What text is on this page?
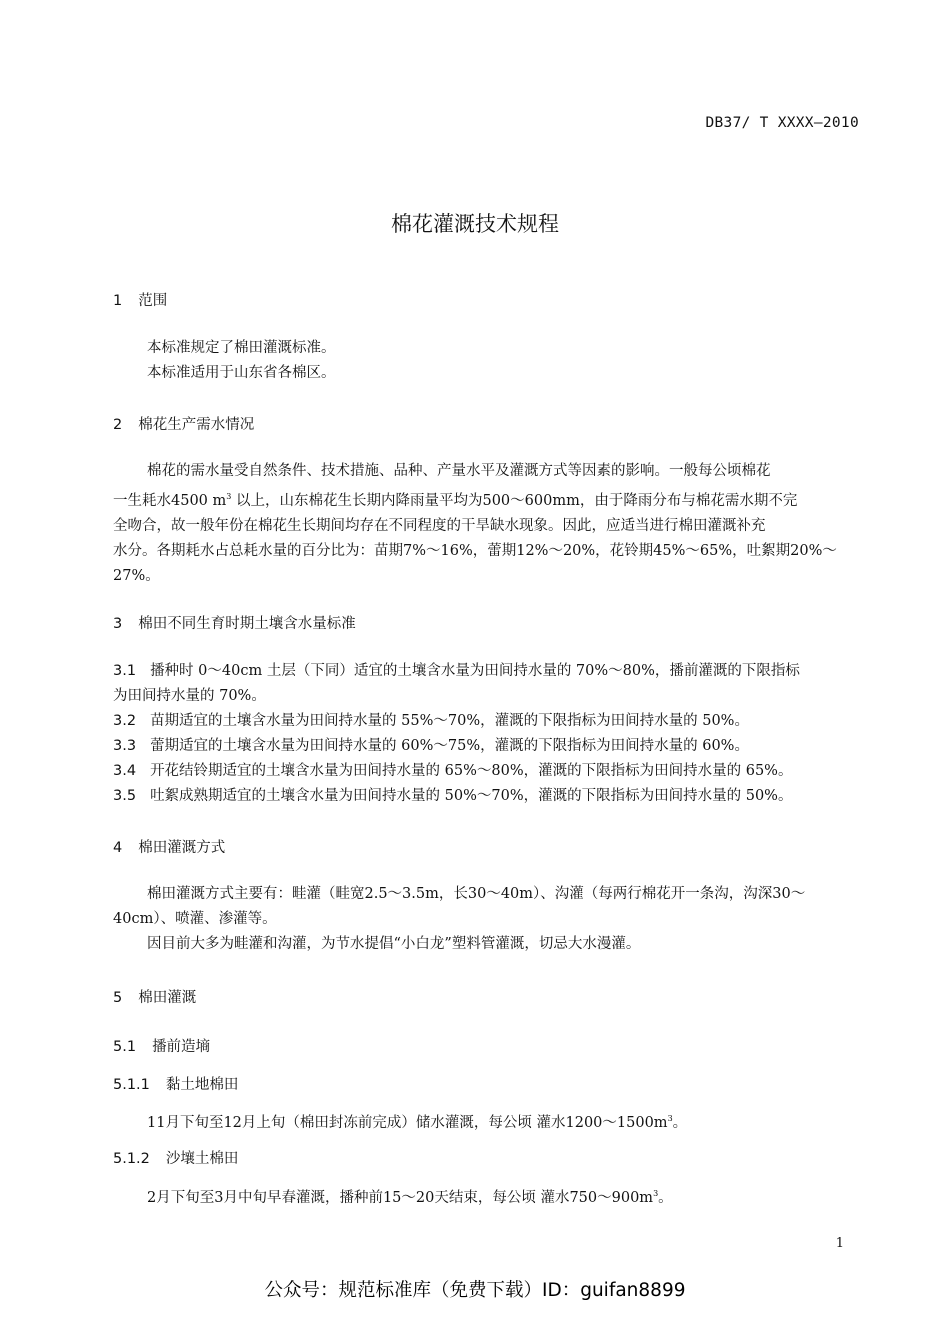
DB37/ T XXXX—2010
棉花灌溉技术规程
1 范围
本标准规定了棉田灌溉标准。
本标准适用于山东省各棉区。
2 棉花生产需水情况
棉花的需水量受自然条件、技术措施、品种、产量水平及灌溉方式等因素的影响。一般每公顷棉花
一生耗水4500 $m^3$ 以上，山东棉花生长期内降雨量平均为500～600mm，由于降雨分布与棉花需水期不完
全吻合，故一般年份在棉花生长期间均存在不同程度的干旱缺水现象。因此，应适当进行棉田灌溉补充
水分。各期耗水占总耗水量的百分比为：苗期7%～16%，蕾期12%～20%，花铃期45%～65%，吐絮期20%～
27%。
3 棉田不同生育时期土壤含水量标准
3.1 播种时 0～40cm 土层（下同）适宜的土壤含水量为田间持水量的 70%～80%，播前灌溉的下限指标
为田间持水量的 70%。
3.2 苗期适宜的土壤含水量为田间持水量的 55%～70%，灌溉的下限指标为田间持水量的 50%。
3.3 蕾期适宜的土壤含水量为田间持水量的 60%～75%，灌溉的下限指标为田间持水量的 60%。
3.4 开花结铃期适宜的土壤含水量为田间持水量的 65%～80%，灌溉的下限指标为田间持水量的 65%。
3.5 吐絮成熟期适宜的土壤含水量为田间持水量的 50%～70%，灌溉的下限指标为田间持水量的 50%。
4 棉田灌溉方式
棉田灌溉方式主要有：畦灌（畦宽2.5～3.5m，长30～40m）、沟灌（每两行棉花开一条沟，沟深30～
40cm）、喷灌、渗灌等。
因目前大多为畦灌和沟灌，为节水提倡“小白龙”塑料管灌溉，切忌大水漫灌。
5 棉田灌溉
5.1 播前造墒
5.1.1 黏土地棉田
11月下旬至12月上旬（棉田封冻前完成）储水灌溉，每公顷 灌水$1200\sim 1500m^3$。
5.1.2 沙壤土棉田
2月下旬至3月中旬早春灌溉，播种前15～20天结束，每公顷 灌水$750\sim 900m^3$。
1
公众号：规范标准库（免费下载）ID：guifan8899
